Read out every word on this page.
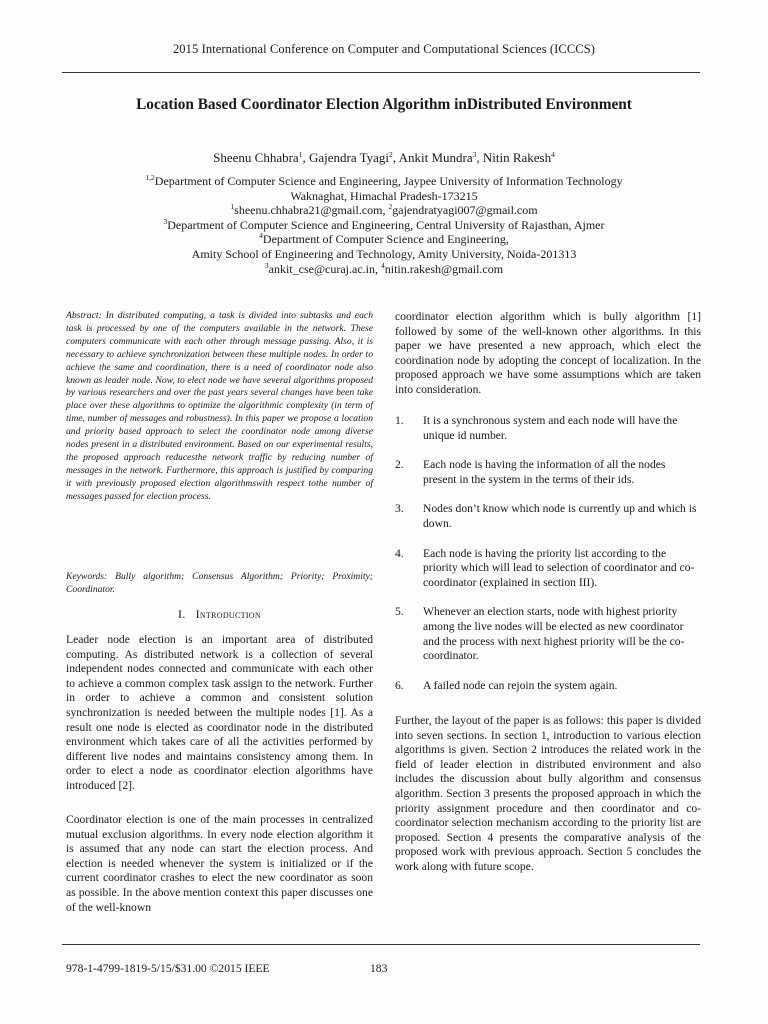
2015 International Conference on Computer and Computational Sciences (ICCCS)
Location Based Coordinator Election Algorithm inDistributed Environment
Sheenu Chhabra$^1$, Gajendra Tyagi$^2$, Ankit Mundra$^3$, Nitin Rakesh$^4$
$^{1,2}$Department of Computer Science and Engineering, Jaypee University of Information Technology
Waknaghat, Himachal Pradesh-173215
$^1$sheenu.chhabra21@gmail.com, $^2$gajendratyagi007@gmail.com
$^3$Department of Computer Science and Engineering, Central University of Rajasthan, Ajmer
$^4$Department of Computer Science and Engineering,
Amity School of Engineering and Technology, Amity University, Noida-201313
$^3$ankit_cse@curaj.ac.in, $^4$nitin.rakesh@gmail.com
Abstract: In distributed computing, a task is divided into subtasks and each task is processed by one of the computers available in the network. These computers communicate with each other through message passing. Also, it is necessary to achieve synchronization between these multiple nodes. In order to achieve the same and coordination, there is a need of coordinator node also known as leader node. Now, to elect node we have several algorithms proposed by various researchers and over the past years several changes have been take place over these algorithms to optimize the algorithmic complexity (in term of time, number of messages and robustness). In this paper we propose a location and priority based approach to select the coordinator node among diverse nodes present in a distributed environment. Based on our experimental results, the proposed approach reducesthe network traffic by reducing number of messages in the network. Furthermore, this approach is justified by comparing it with previously proposed election algorithmswith respect tothe number of messages passed for election process.
Keywords: Bully algorithm; Consensus Algorithm; Priority; Proximity; Coordinator.
I. Introduction
Leader node election is an important area of distributed computing. As distributed network is a collection of several independent nodes connected and communicate with each other to achieve a common complex task assign to the network. Further in order to achieve a common and consistent solution synchronization is needed between the multiple nodes [1]. As a result one node is elected as coordinator node in the distributed environment which takes care of all the activities performed by different live nodes and maintains consistency among them. In order to elect a node as coordinator election algorithms have introduced [2].
Coordinator election is one of the main processes in centralized mutual exclusion algorithms. In every node election algorithm it is assumed that any node can start the election process. And election is needed whenever the system is initialized or if the current coordinator crashes to elect the new coordinator as soon as possible. In the above mention context this paper discusses one of the well-known
coordinator election algorithm which is bully algorithm [1] followed by some of the well-known other algorithms. In this paper we have presented a new approach, which elect the coordination node by adopting the concept of localization. In the proposed approach we have some assumptions which are taken into consideration.
1. It is a synchronous system and each node will have the unique id number.
2. Each node is having the information of all the nodes present in the system in the terms of their ids.
3. Nodes don’t know which node is currently up and which is down.
4. Each node is having the priority list according to the priority which will lead to selection of coordinator and co-coordinator (explained in section III).
5. Whenever an election starts, node with highest priority among the live nodes will be elected as new coordinator and the process with next highest priority will be the co-coordinator.
6. A failed node can rejoin the system again.
Further, the layout of the paper is as follows: this paper is divided into seven sections. In section 1, introduction to various election algorithms is given. Section 2 introduces the related work in the field of leader election in distributed environment and also includes the discussion about bully algorithm and consensus algorithm. Section 3 presents the proposed approach in which the priority assignment procedure and then coordinator and co-coordinator selection mechanism according to the priority list are proposed. Section 4 presents the comparative analysis of the proposed work with previous approach. Section 5 concludes the work along with future scope.
978-1-4799-1819-5/15/$31.00 ©2015 IEEE	183
